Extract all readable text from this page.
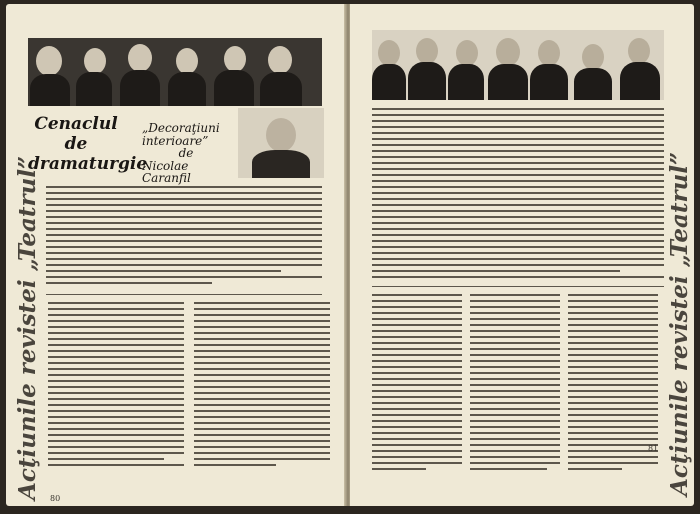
Cenaclul
de
dramaturgie
„Decoraţiuni
interioare”
de
Nicolae
Caranfil
Acţiunile revistei „Teatrul” 80
Acţiunile revistei „Teatrul”
81
